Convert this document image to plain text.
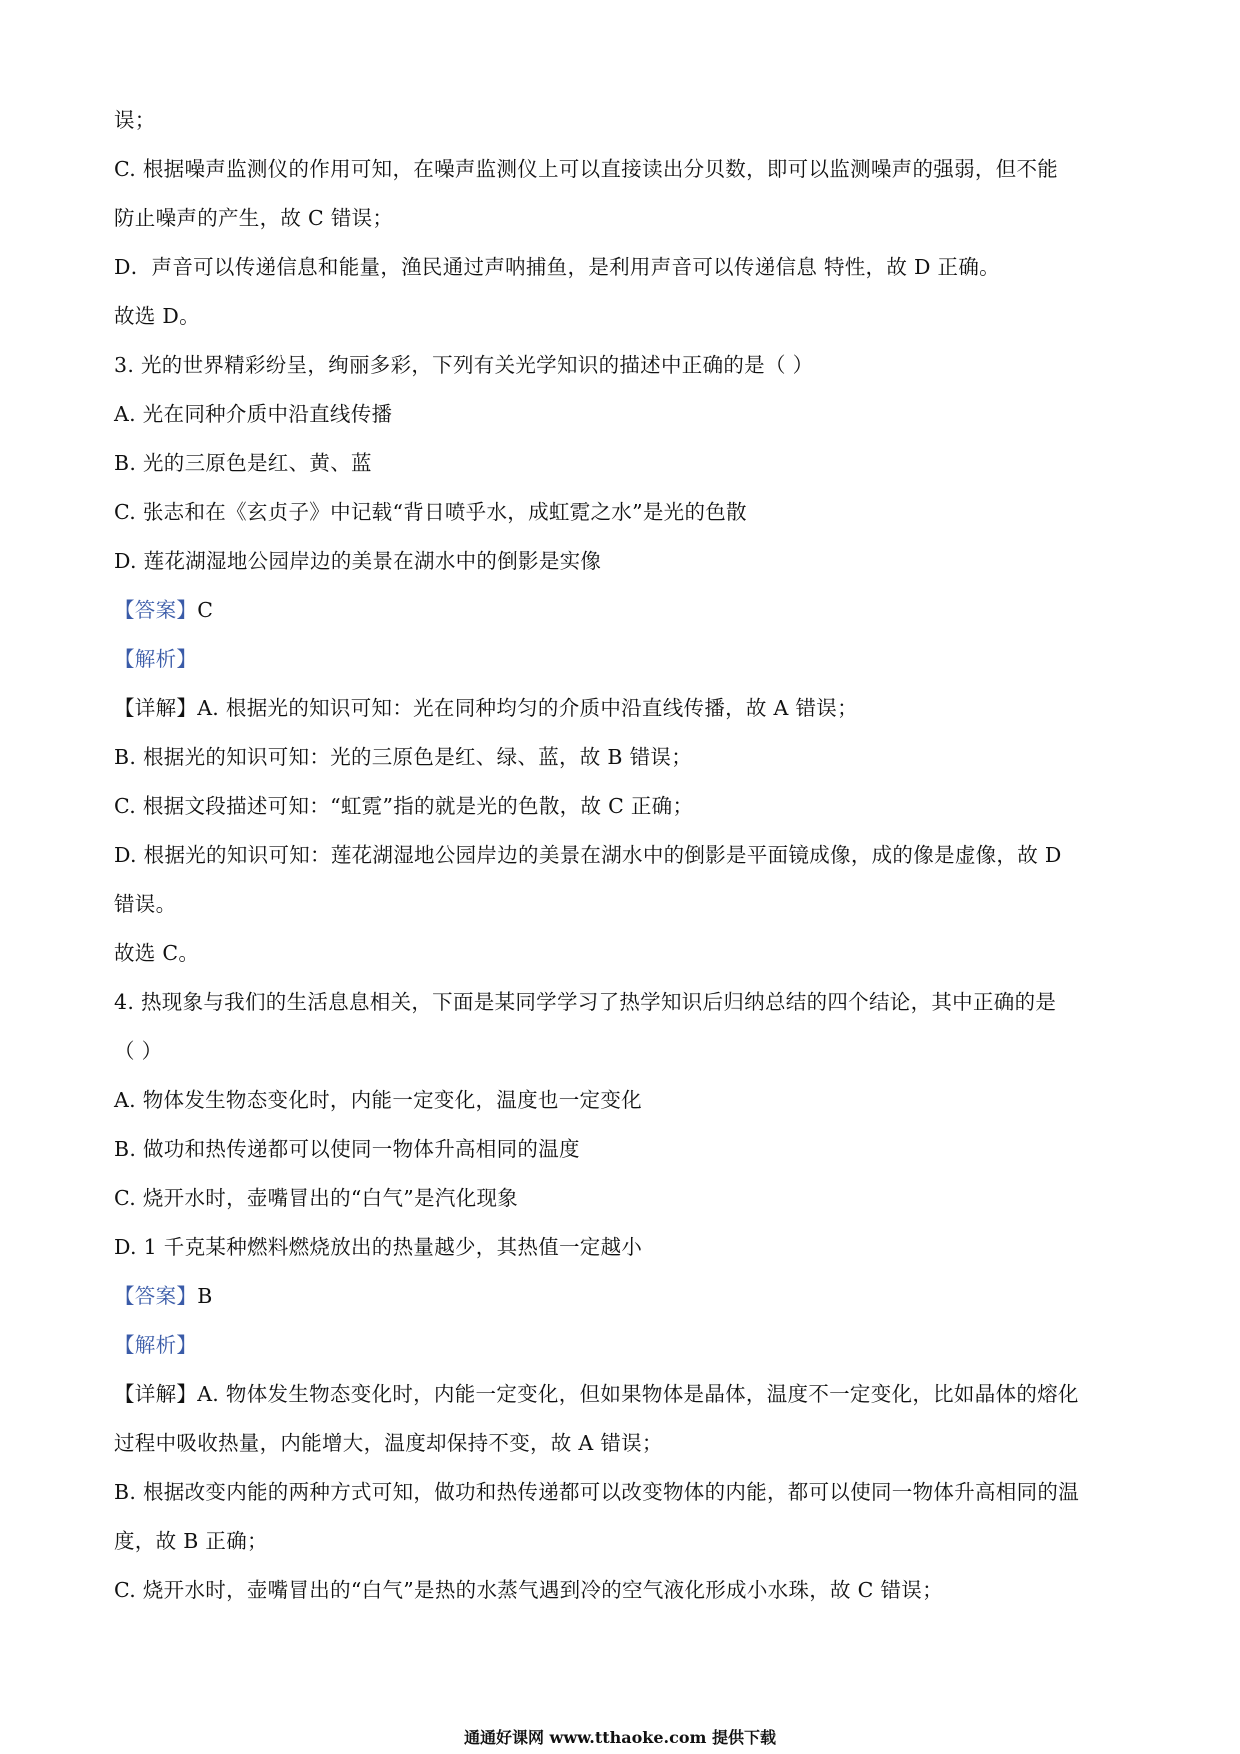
误；
C. 根据噪声监测仪的作用可知，在噪声监测仪上可以直接读出分贝数，即可以监测噪声的强弱，但不能
防止噪声的产生，故 C 错误；
D．声音可以传递信息和能量，渔民通过声呐捕鱼，是利用声音可以传递信息 特性，故 D 正确。
故选 D。
3. 光的世界精彩纷呈，绚丽多彩，下列有关光学知识的描述中正确的是（ ）
A. 光在同种介质中沿直线传播
B. 光的三原色是红、黄、蓝
C. 张志和在《玄贞子》中记载“背日喷乎水，成虹霓之水”是光的色散
D. 莲花湖湿地公园岸边的美景在湖水中的倒影是实像
【答案】C
【解析】
【详解】A. 根据光的知识可知：光在同种均匀的介质中沿直线传播，故 A 错误；
B. 根据光的知识可知：光的三原色是红、绿、蓝，故 B 错误；
C. 根据文段描述可知：“虹霓”指的就是光的色散，故 C 正确；
D. 根据光的知识可知：莲花湖湿地公园岸边的美景在湖水中的倒影是平面镜成像，成的像是虚像，故 D
错误。
故选 C。
4. 热现象与我们的生活息息相关，下面是某同学学习了热学知识后归纳总结的四个结论，其中正确的是
（ ）
A. 物体发生物态变化时，内能一定变化，温度也一定变化
B. 做功和热传递都可以使同一物体升高相同的温度
C. 烧开水时，壶嘴冒出的“白气”是汽化现象
D. 1 千克某种燃料燃烧放出的热量越少，其热值一定越小
【答案】B
【解析】
【详解】A. 物体发生物态变化时，内能一定变化，但如果物体是晶体，温度不一定变化，比如晶体的熔化
过程中吸收热量，内能增大，温度却保持不变，故 A 错误；
B. 根据改变内能的两种方式可知，做功和热传递都可以改变物体的内能，都可以使同一物体升高相同的温
度，故 B 正确；
C. 烧开水时，壶嘴冒出的“白气”是热的水蒸气遇到冷的空气液化形成小水珠，故 C 错误；
通通好课网 www.tthaoke.com 提供下载
